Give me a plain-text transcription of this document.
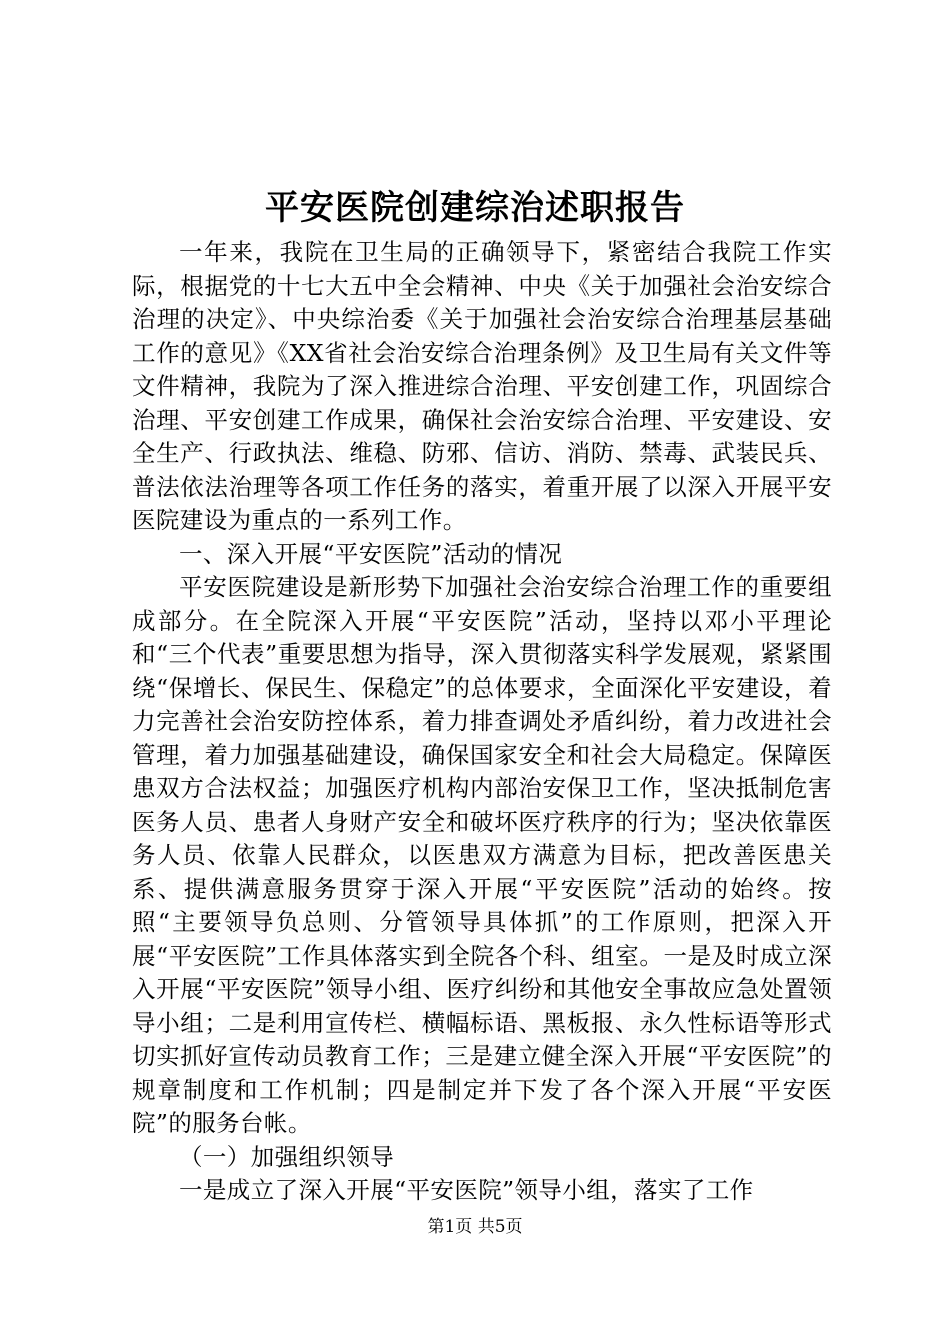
平安医院创建综治述职报告

一年来，我院在卫生局的正确领导下，紧密结合我院工作实际，根据党的十七大五中全会精神、中央《关于加强社会治安综合治理的决定》、中央综治委《关于加强社会治安综合治理基层基础工作的意见》《XX省社会治安综合治理条例》及卫生局有关文件等文件精神，我院为了深入推进综合治理、平安创建工作，巩固综合治理、平安创建工作成果，确保社会治安综合治理、平安建设、安全生产、行政执法、维稳、防邪、信访、消防、禁毒、武装民兵、普法依法治理等各项工作任务的落实，着重开展了以深入开展平安医院建设为重点的一系列工作。

一、深入开展“平安医院”活动的情况

平安医院建设是新形势下加强社会治安综合治理工作的重要组成部分。在全院深入开展“平安医院”活动，坚持以邓小平理论和“三个代表”重要思想为指导，深入贯彻落实科学发展观，紧紧围绕“保增长、保民生、保稳定”的总体要求，全面深化平安建设，着力完善社会治安防控体系，着力排查调处矛盾纠纷，着力改进社会管理，着力加强基础建设，确保国家安全和社会大局稳定。保障医患双方合法权益；加强医疗机构内部治安保卫工作，坚决抵制危害医务人员、患者人身财产安全和破坏医疗秩序的行为；坚决依靠医务人员、依靠人民群众，以医患双方满意为目标，把改善医患关系、提供满意服务贯穿于深入开展“平安医院”活动的始终。按照“主要领导负总则、分管领导具体抓”的工作原则，把深入开展“平安医院”工作具体落实到全院各个科、组室。一是及时成立深入开展“平安医院”领导小组、医疗纠纷和其他安全事故应急处置领导小组；二是利用宣传栏、横幅标语、黑板报、永久性标语等形式切实抓好宣传动员教育工作；三是建立健全深入开展“平安医院”的规章制度和工作机制；四是制定并下发了各个深入开展“平安医院”的服务台帐。

（一）加强组织领导

一是成立了深入开展“平安医院”领导小组，落实了工作

第1页 共5页
